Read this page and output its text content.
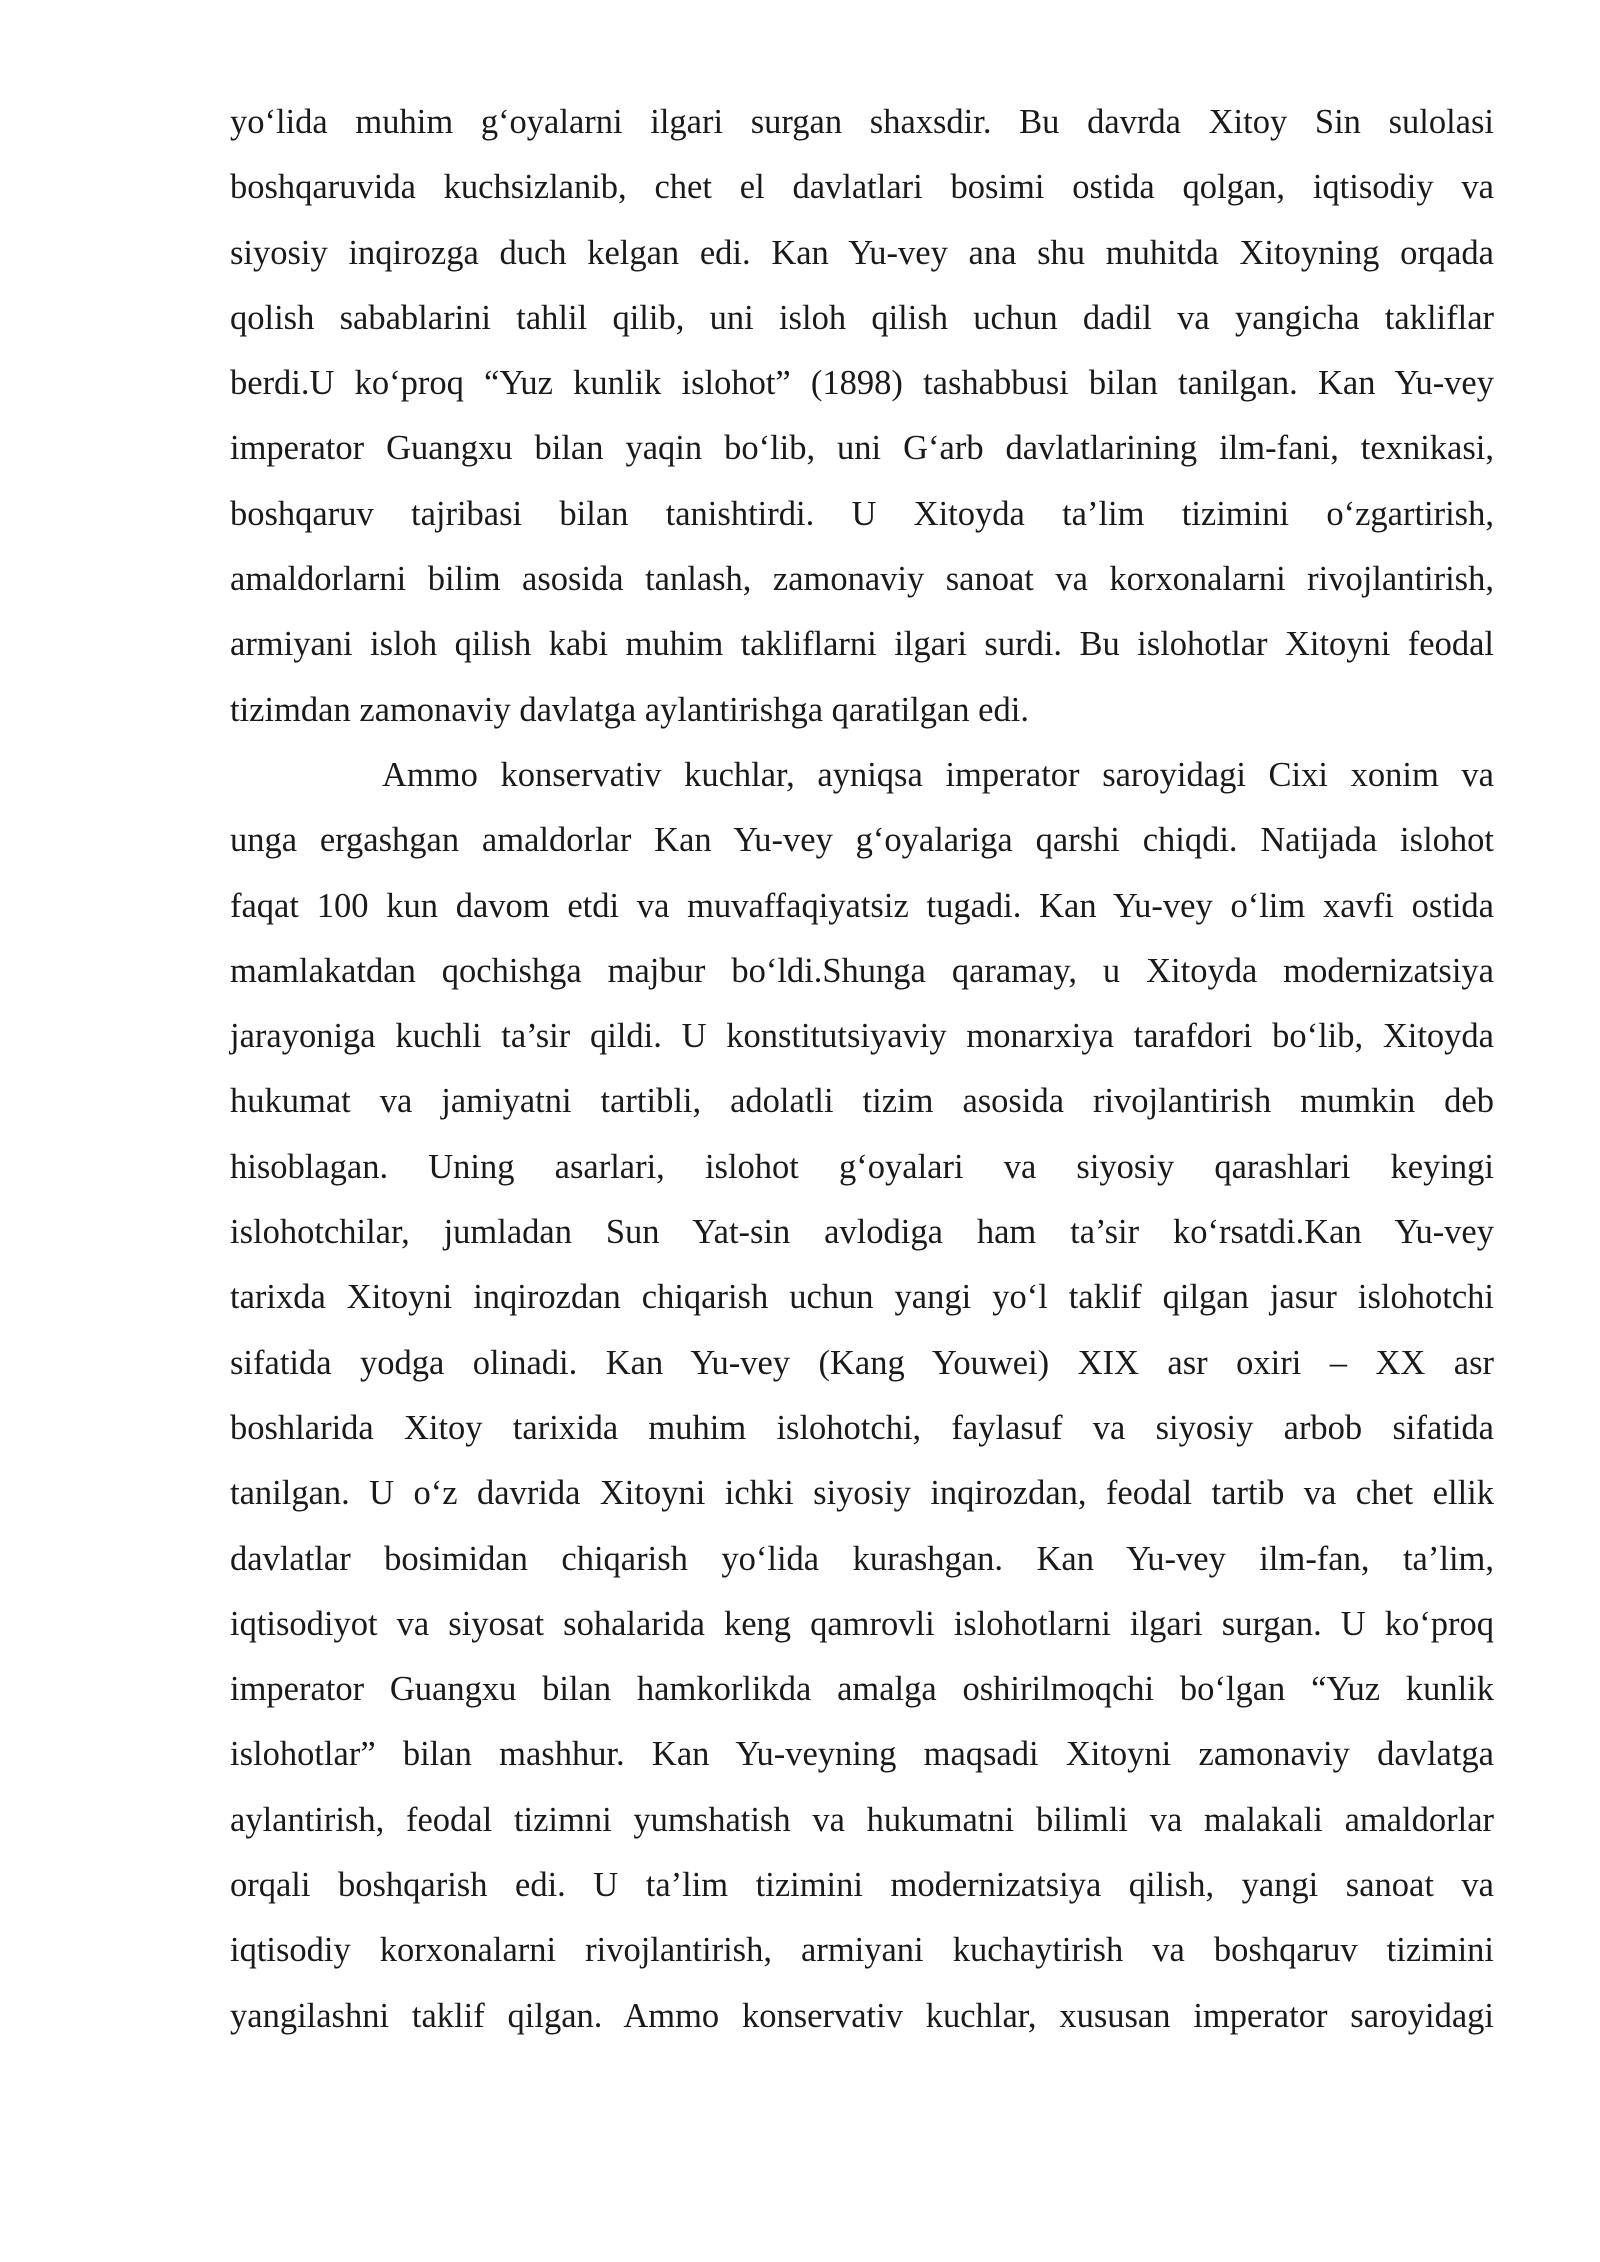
yo‘lida muhim g‘oyalarni ilgari surgan shaxsdir. Bu davrda Xitoy Sin sulolasi
boshqaruvida kuchsizlanib, chet el davlatlari bosimi ostida qolgan, iqtisodiy va
siyosiy inqirozga duch kelgan edi. Kan Yu-vey ana shu muhitda Xitoyning orqada
qolish sabablarini tahlil qilib, uni isloh qilish uchun dadil va yangicha takliflar
berdi.U ko‘proq “Yuz kunlik islohot” (1898) tashabbusi bilan tanilgan. Kan Yu-vey
imperator Guangxu bilan yaqin bo‘lib, uni G‘arb davlatlarining ilm-fani, texnikasi,
boshqaruv tajribasi bilan tanishtirdi. U Xitoyda ta’lim tizimini o‘zgartirish,
amaldorlarni bilim asosida tanlash, zamonaviy sanoat va korxonalarni rivojlantirish,
armiyani isloh qilish kabi muhim takliflarni ilgari surdi. Bu islohotlar Xitoyni feodal
tizimdan zamonaviy davlatga aylantirishga qaratilgan edi.
Ammo konservativ kuchlar, ayniqsa imperator saroyidagi Cixi xonim va
unga ergashgan amaldorlar Kan Yu-vey g‘oyalariga qarshi chiqdi. Natijada islohot
faqat 100 kun davom etdi va muvaffaqiyatsiz tugadi. Kan Yu-vey o‘lim xavfi ostida
mamlakatdan qochishga majbur bo‘ldi.Shunga qaramay, u Xitoyda modernizatsiya
jarayoniga kuchli ta’sir qildi. U konstitutsiyaviy monarxiya tarafdori bo‘lib, Xitoyda
hukumat va jamiyatni tartibli, adolatli tizim asosida rivojlantirish mumkin deb
hisoblagan. Uning asarlari, islohot g‘oyalari va siyosiy qarashlari keyingi
islohotchilar, jumladan Sun Yat-sin avlodiga ham ta’sir ko‘rsatdi.Kan Yu-vey
tarixda Xitoyni inqirozdan chiqarish uchun yangi yo‘l taklif qilgan jasur islohotchi
sifatida yodga olinadi. Kan Yu-vey (Kang Youwei) XIX asr oxiri – XX asr
boshlarida Xitoy tarixida muhim islohotchi, faylasuf va siyosiy arbob sifatida
tanilgan. U o‘z davrida Xitoyni ichki siyosiy inqirozdan, feodal tartib va chet ellik
davlatlar bosimidan chiqarish yo‘lida kurashgan. Kan Yu-vey ilm-fan, ta’lim,
iqtisodiyot va siyosat sohalarida keng qamrovli islohotlarni ilgari surgan. U ko‘proq
imperator Guangxu bilan hamkorlikda amalga oshirilmoqchi bo‘lgan “Yuz kunlik
islohotlar” bilan mashhur. Kan Yu-veyning maqsadi Xitoyni zamonaviy davlatga
aylantirish, feodal tizimni yumshatish va hukumatni bilimli va malakali amaldorlar
orqali boshqarish edi. U ta’lim tizimini modernizatsiya qilish, yangi sanoat va
iqtisodiy korxonalarni rivojlantirish, armiyani kuchaytirish va boshqaruv tizimini
yangilashni taklif qilgan. Ammo konservativ kuchlar, xususan imperator saroyidagi
